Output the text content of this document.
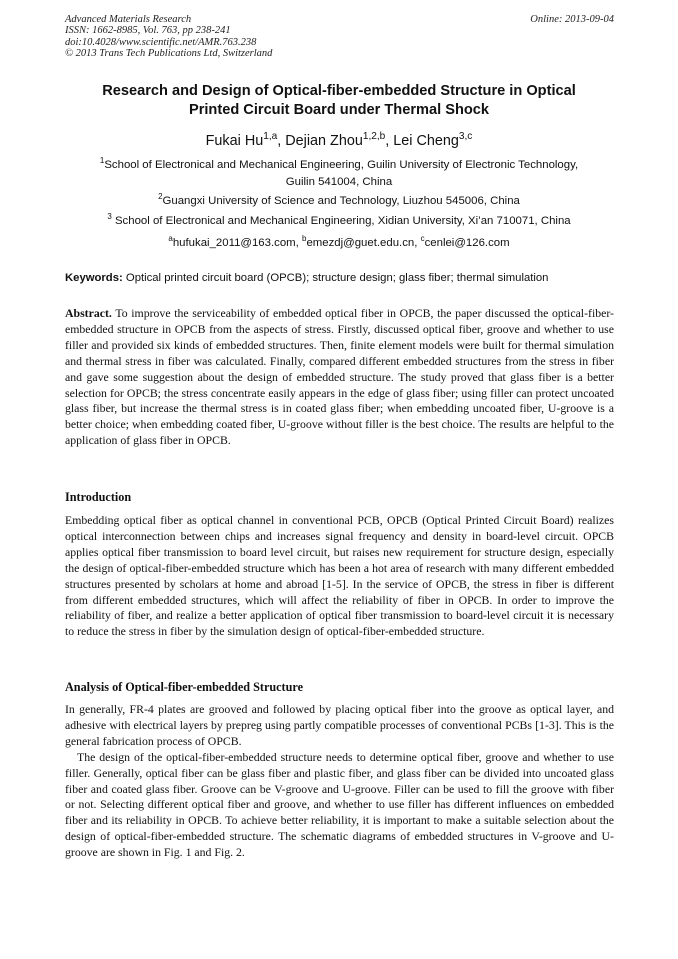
Advanced Materials Research	Online: 2013-09-04
ISSN: 1662-8985, Vol. 763, pp 238-241
doi:10.4028/www.scientific.net/AMR.763.238
© 2013 Trans Tech Publications Ltd, Switzerland
Research and Design of Optical-fiber-embedded Structure in Optical
Printed Circuit Board under Thermal Shock
Fukai Hu$^{1,a}$, Dejian Zhou$^{1,2,b}$, Lei Cheng$^{3,c}$
$^1$School of Electronical and Mechanical Engineering, Guilin University of Electronic Technology,
Guilin 541004, China
$^2$Guangxi University of Science and Technology, Liuzhou 545006, China
$^3$ School of Electronical and Mechanical Engineering, Xidian University, Xi’an 710071, China
$^a$hufukai_2011@163.com, $^b$emezdj@guet.edu.cn, $^c$cenlei@126.com
Keywords: Optical printed circuit board (OPCB); structure design; glass fiber; thermal simulation

Abstract. To improve the serviceability of embedded optical fiber in OPCB, the paper discussed the optical-fiber-embedded structure in OPCB from the aspects of stress. Firstly, discussed optical fiber, groove and whether to use filler and provided six kinds of embedded structures. Then, finite element models were built for thermal simulation and thermal stress in fiber was calculated. Finally, compared different embedded structures from the stress in fiber and gave some suggestion about the design of embedded structure. The study proved that glass fiber is a better selection for OPCB; the stress concentrate easily appears in the edge of glass fiber; using filler can protect uncoated glass fiber, but increase the thermal stress is in coated glass fiber; when embedding uncoated fiber, U-groove is a better choice; when embedding coated fiber, U-groove without filler is the best choice. The results are helpful to the application of glass fiber in OPCB.

Introduction

Embedding optical fiber as optical channel in conventional PCB, OPCB (Optical Printed Circuit Board) realizes optical interconnection between chips and increases signal frequency and density in board-level circuit. OPCB applies optical fiber transmission to board level circuit, but raises new requirement for structure design, especially the design of optical-fiber-embedded structure which has been a hot area of research with many different embedded structures presented by scholars at home and abroad [1-5]. In the service of OPCB, the stress in fiber is different from different embedded structures, which will affect the reliability of fiber in OPCB. In order to improve the reliability of fiber, and realize a better application of optical fiber transmission to board-level circuit it is necessary to reduce the stress in fiber by the simulation design of optical-fiber-embedded structure.

Analysis of Optical-fiber-embedded Structure

In generally, FR-4 plates are grooved and followed by placing optical fiber into the groove as optical layer, and adhesive with electrical layers by prepreg using partly compatible processes of conventional PCBs [1-3]. This is the general fabrication process of OPCB.

The design of the optical-fiber-embedded structure needs to determine optical fiber, groove and whether to use filler. Generally, optical fiber can be glass fiber and plastic fiber, and glass fiber can be divided into uncoated glass fiber and coated glass fiber. Groove can be V-groove and U-groove. Filler can be used to fill the groove with fiber or not. Selecting different optical fiber and groove, and whether to use filler has different influences on embedded fiber and its reliability in OPCB. To achieve better reliability, it is important to make a suitable selection about the design of optical-fiber-embedded structure. The schematic diagrams of embedded structures in V-groove and U-groove are shown in Fig. 1 and Fig. 2.
